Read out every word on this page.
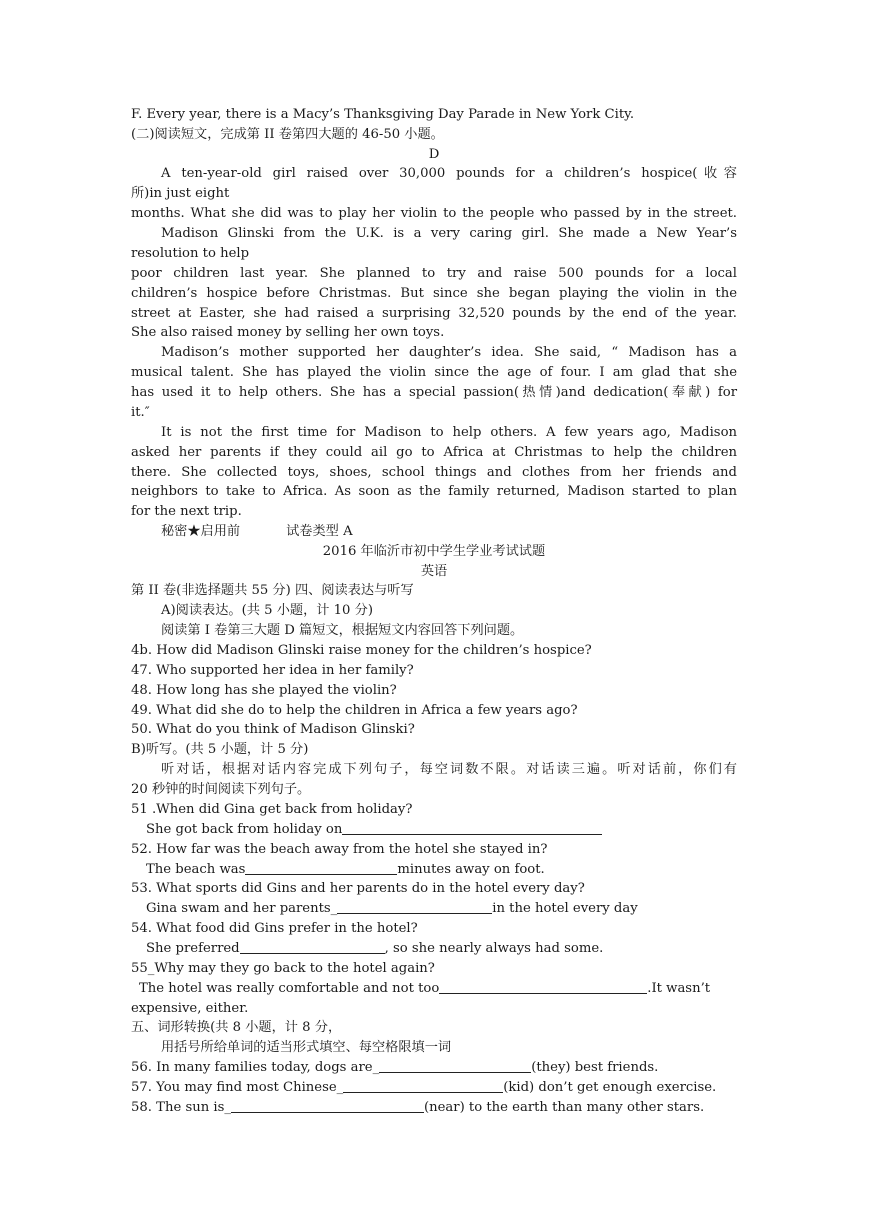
F. Every year, there is a Macy’s Thanksgiving Day Parade in New York City.
(二)阅读短文，完成第 II 卷第四大题的 46-50 小题。
D
A ten-year-old girl raised over 30,000 pounds for a children’s hospice(收容
所)in just eight
months. What she did was to play her violin to the people who passed by in the street.
Madison Glinski from the U.K. is a very caring girl. She made a New Year’s
resolution to help
poor children last year. She planned to try and raise 500 pounds for a local
children’s hospice before Christmas. But since she began playing the violin in the
street at Easter, she had raised a surprising 32,520 pounds by the end of the year.
She also raised money by selling her own toys.
Madison’s mother supported her daughter’s idea. She said, “ Madison has a
musical talent. She has played the violin since the age of four. I am glad that she
has used it to help others. She has a special passion(热情)and dedication(奉献) for
it.″
It is not the first time for Madison to help others. A few years ago, Madison
asked her parents if they could ail go to Africa at Christmas to help the children
there. She collected toys, shoes, school things and clothes from her friends and
neighbors to take to Africa. As soon as the family returned, Madison started to plan
for the next trip.
秘密★启用前	试卷类型 A
2016 年临沂市初中学生学业考试试题
英语
第 II 卷(非选择题共 55 分) 四、阅读表达与听写
A)阅读表达。(共 5 小题，计 10 分)
阅读第 I 卷第三大题 D 篇短文，根据短文内容回答下列问题。
4b. How did Madison Glinski raise money for the children’s hospice?
47. Who supported her idea in her family?
48. How long has she played the violin?
49. What did she do to help the children in Africa a few years ago?
50. What do you think of Madison Glinski?
B)听写。(共 5 小题，计 5 分)
听对话，根据对话内容完成下列句子，每空词数不限。对话读三遍。听对话前，你们有
20 秒钟的时间阅读下列句子。
51 .When did Gina get back from holiday?
She got back from holiday on
52. How far was the beach away from the hotel she stayed in?
The beach was	minutes away on foot.
53. What sports did Gins and her parents do in the hotel every day?
Gina swam and her parents_	in the hotel every day
54. What food did Gins prefer in the hotel?
She preferred	, so she nearly always had some.
55_Why may they go back to the hotel again?
The hotel was really comfortable and not too	.It wasn’t
expensive, either.
五、词形转换(共 8 小题，计 8 分，
用括号所给单词的适当形式填空、每空格限填一词
56. In many families today, dogs are_	(they) best friends.
57. You may find most Chinese_	(kid) don’t get enough exercise.
58. The sun is_	(near) to the earth than many other stars.
